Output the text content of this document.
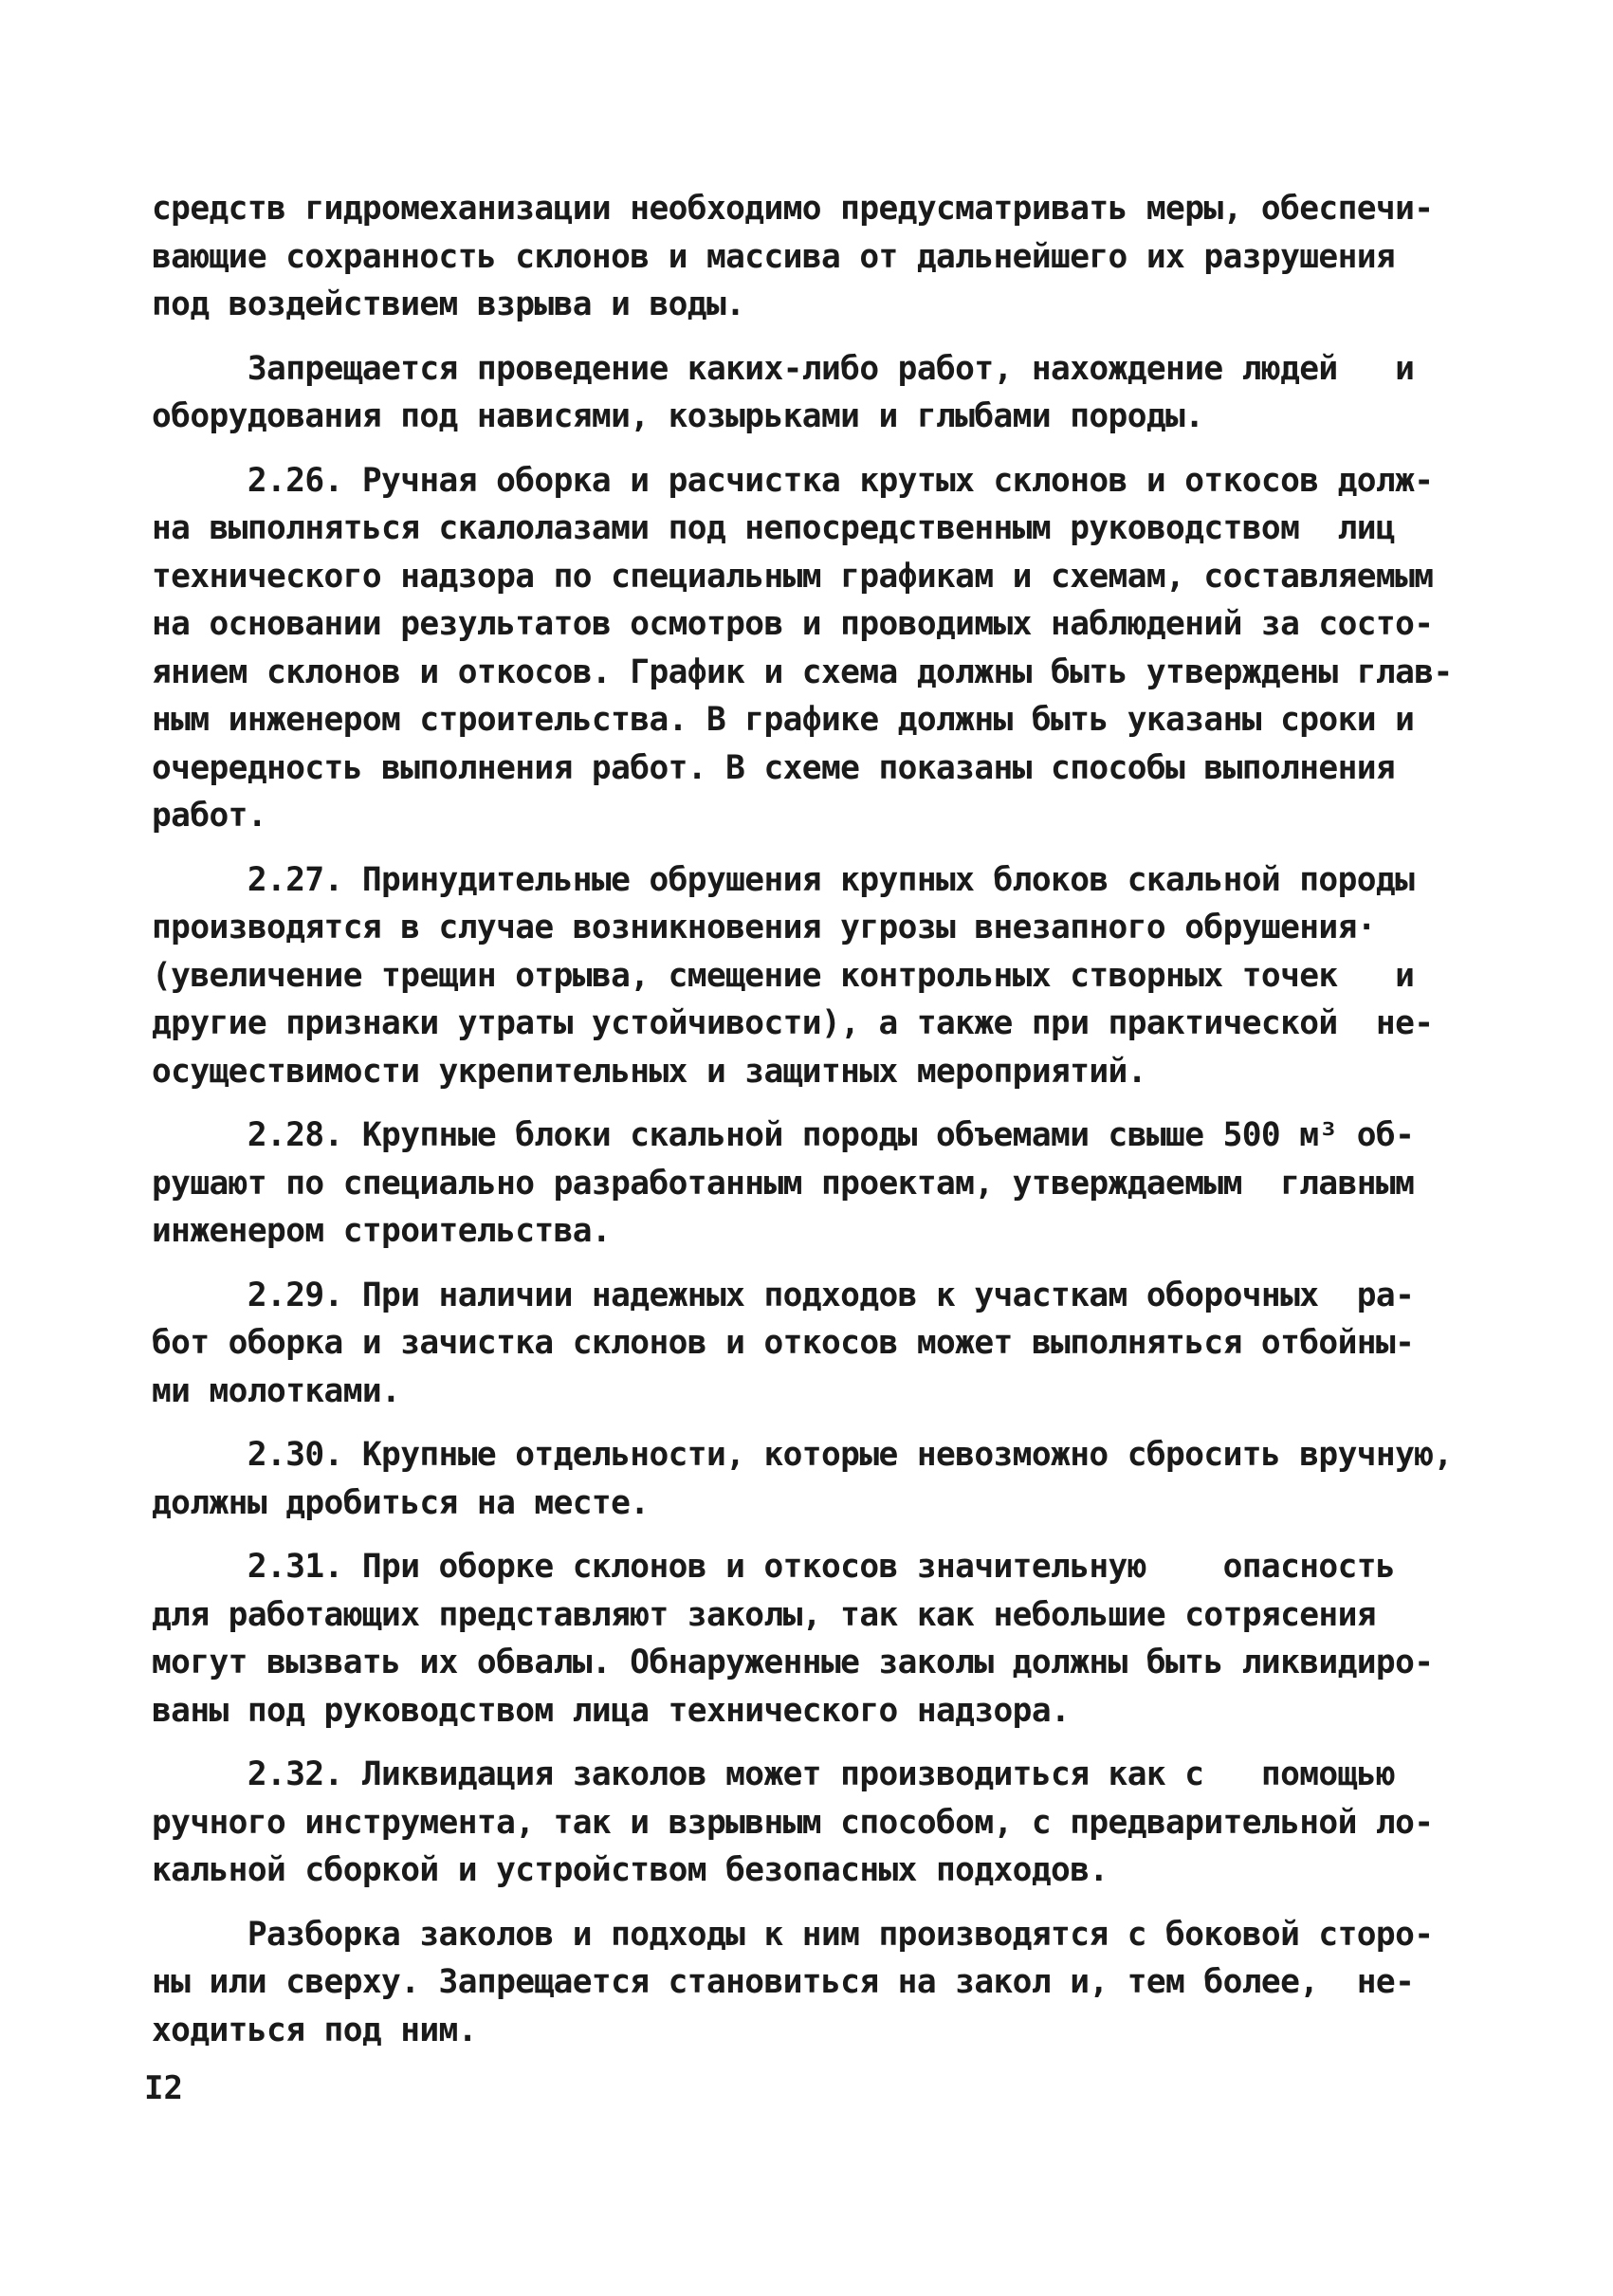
средств гидромеханизации необходимо предусматривать меры, обеспечи-
вающие сохранность склонов и массива от дальнейшего их разрушения
под воздействием взрыва и воды.
Запрещается проведение каких-либо работ, нахождение людей   и
оборудования под нависями, козырьками и глыбами породы.
2.26. Ручная оборка и расчистка крутых склонов и откосов долж-
на выполняться скалолазами под непосредственным руководством  лиц
технического надзора по специальным графикам и схемам, составляемым
на основании результатов осмотров и проводимых наблюдений за состо-
янием склонов и откосов. График и схема должны быть утверждены глав-
ным инженером строительства. В графике должны быть указаны сроки и
очередность выполнения работ. В схеме показаны способы выполнения
работ.
2.27. Принудительные обрушения крупных блоков скальной породы
производятся в случае возникновения угрозы внезапного обрушения·
(увеличение трещин отрыва, смещение контрольных створных точек   и
другие признаки утраты устойчивости), а также при практической  не-
осуществимости укрепительных и защитных мероприятий.
2.28. Крупные блоки скальной породы объемами свыше 500 м³ об-
рушают по специально разработанным проектам, утверждаемым  главным
инженером строительства.
2.29. При наличии надежных подходов к участкам оборочных  ра-
бот оборка и зачистка склонов и откосов может выполняться отбойны-
ми молотками.
2.30. Крупные отдельности, которые невозможно сбросить вручную,
должны дробиться на месте.
2.31. При оборке склонов и откосов значительную    опасность
для работающих представляют заколы, так как небольшие сотрясения
могут вызвать их обвалы. Обнаруженные заколы должны быть ликвидиро-
ваны под руководством лица технического надзора.
2.32. Ликвидация заколов может производиться как с   помощью
ручного инструмента, так и взрывным способом, с предварительной ло-
кальной сборкой и устройством безопасных подходов.
Разборка заколов и подходы к ним производятся с боковой сторо-
ны или сверху. Запрещается становиться на закол и, тем более,  не-
ходиться под ним.
I2
